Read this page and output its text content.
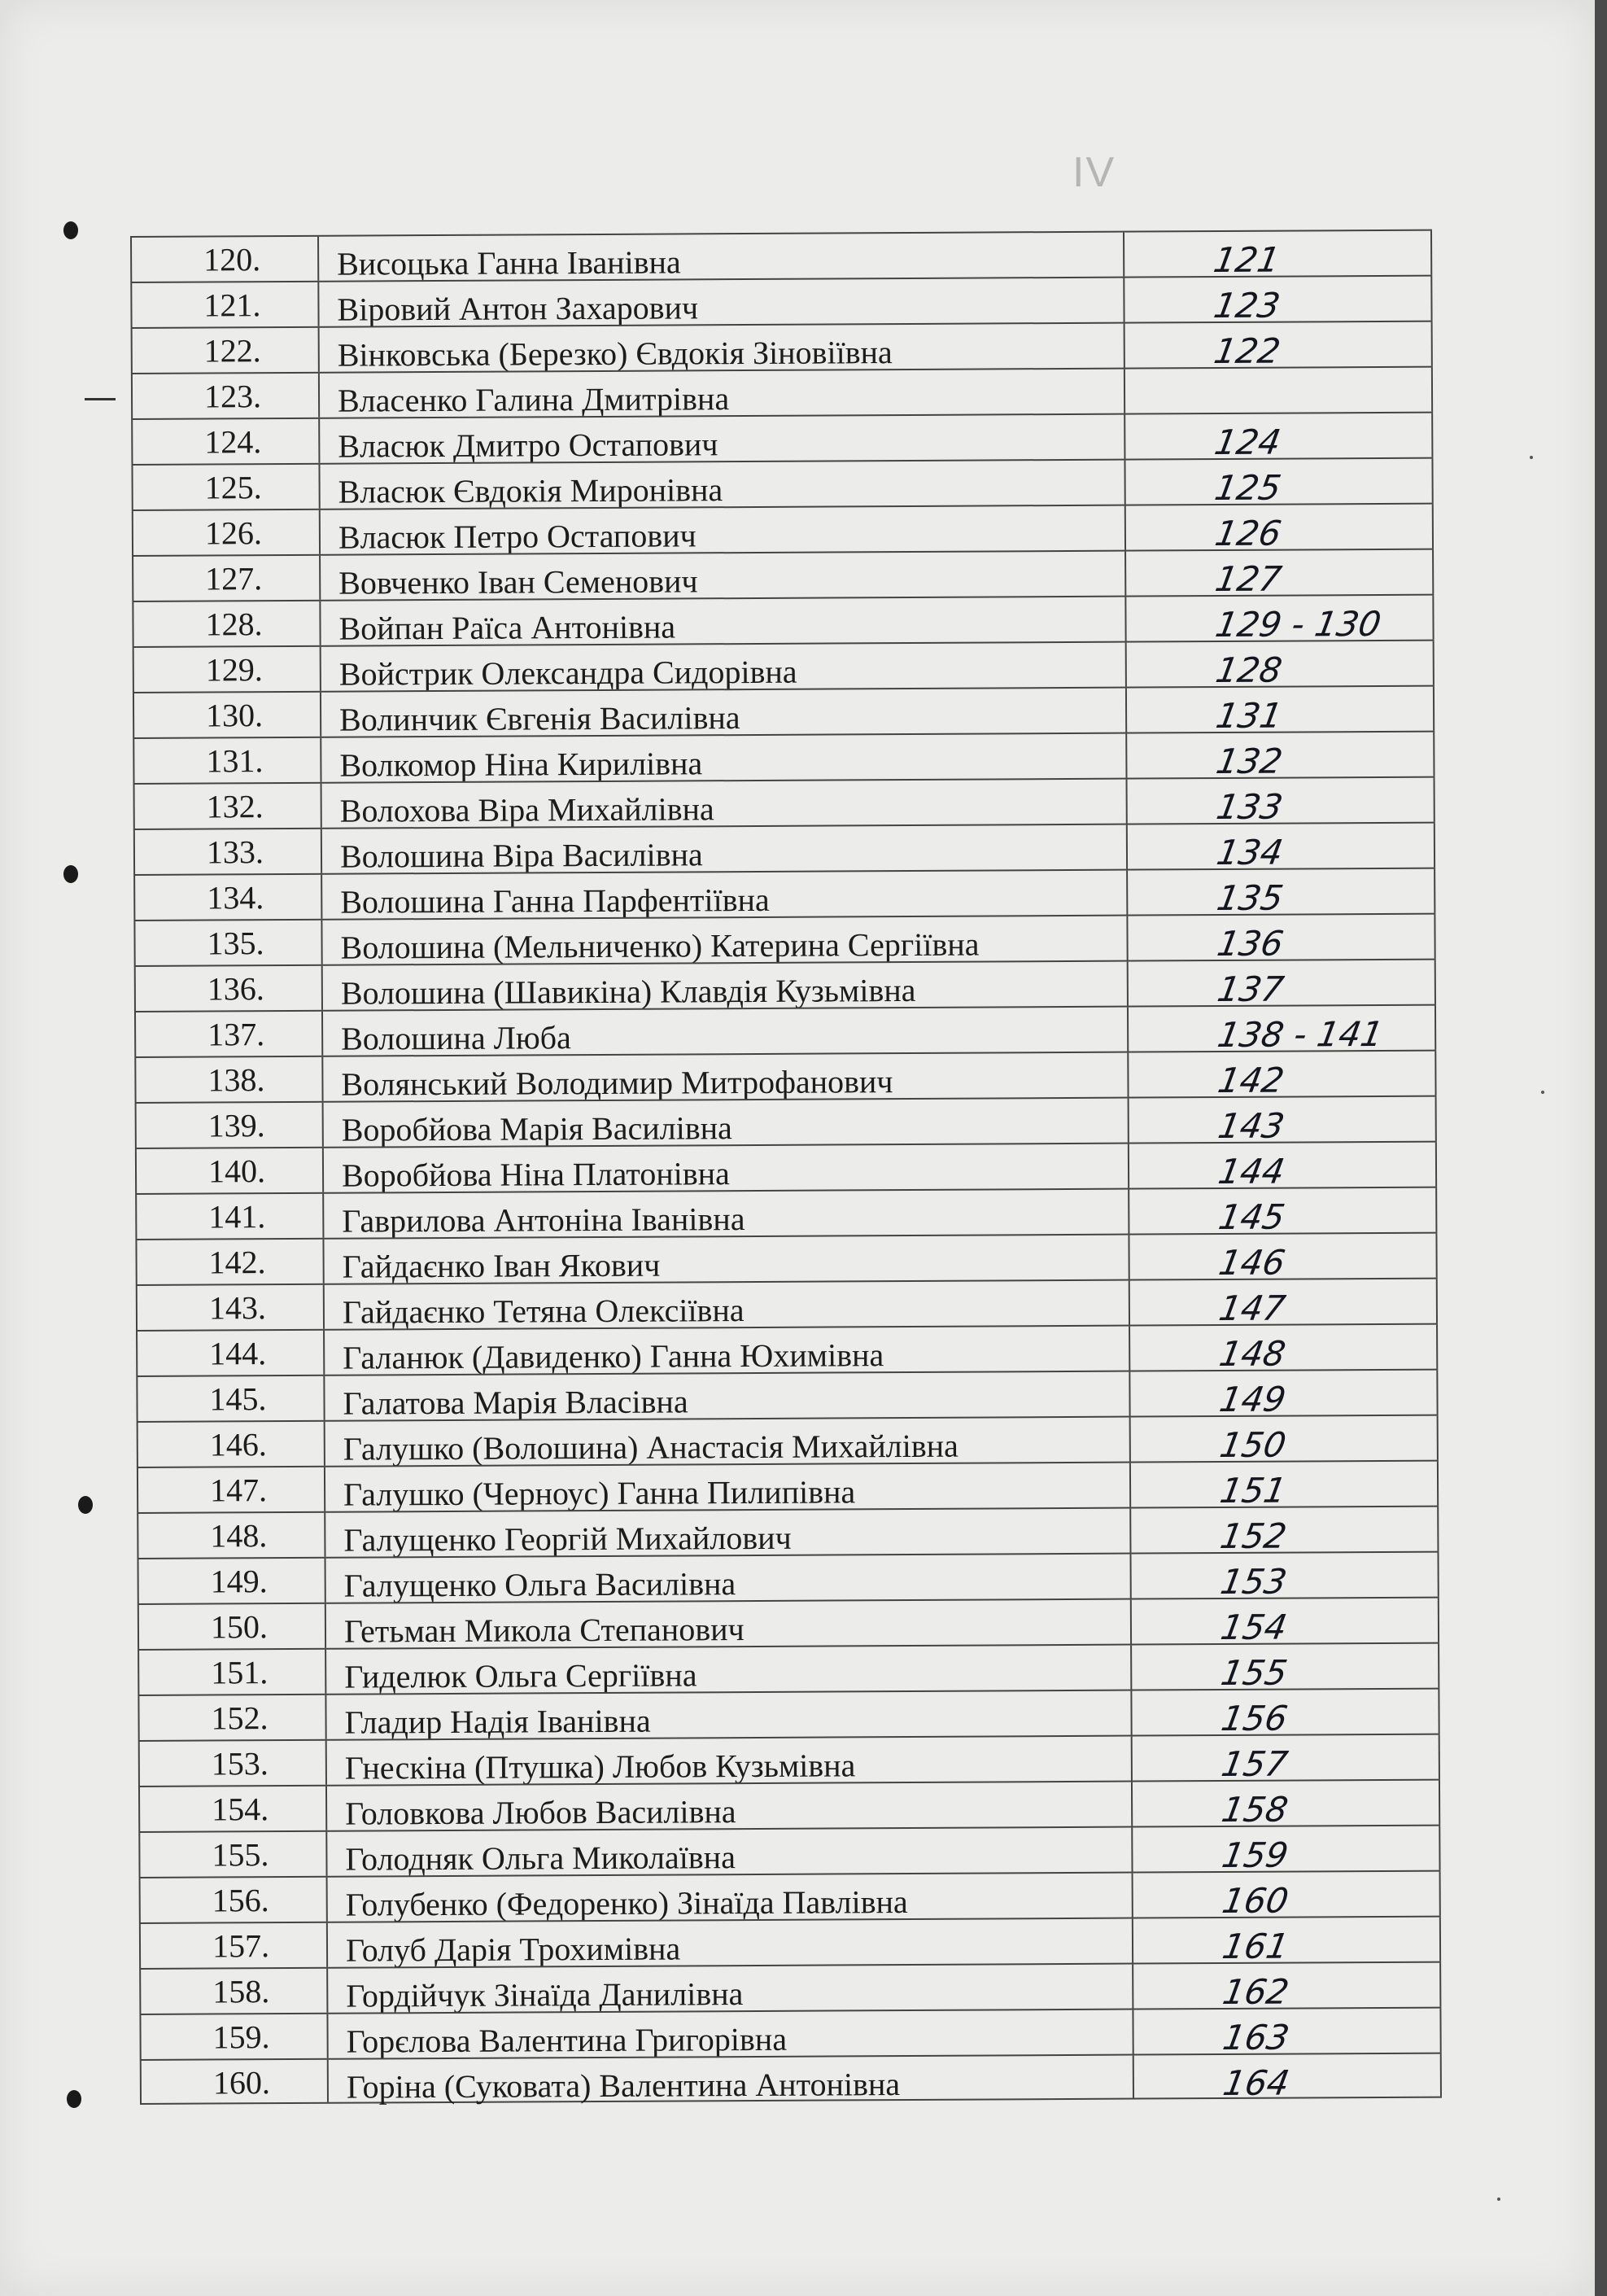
IV
120. Висоцька Ганна Іванівна	121
121. Віровий Антон Захарович	123
122. Вінковська (Березко) Євдокія Зіновіївна	122
123. Власенко Галина Дмитрівна
124. Власюк Дмитро Остапович	124
125. Власюк Євдокія Миронівна	125
126. Власюк Петро Остапович	126
127. Вовченко Іван Семенович	127
128. Войпан Раїса Антонівна	129 - 130
129. Войстрик Олександра Сидорівна	128
130. Волинчик Євгенія Василівна	131
131. Волкомор Ніна Кирилівна	132
132. Волохова Віра Михайлівна	133
133. Волошина Віра Василівна	134
134. Волошина Ганна Парфентіївна	135
135. Волошина (Мельниченко) Катерина Сергіївна	136
136. Волошина (Шавикіна) Клавдія Кузьмівна	137
137. Волошина Люба	138 - 141
138. Волянський Володимир Митрофанович	142
139. Воробйова Марія Василівна	143
140. Воробйова Ніна Платонівна	144
141. Гаврилова Антоніна Іванівна	145
142. Гайдаєнко Іван Якович	146
143. Гайдаєнко Тетяна Олексіївна	147
144. Галанюк (Давиденко) Ганна Юхимівна	148
145. Галатова Марія Власівна	149
146. Галушко (Волошина) Анастасія Михайлівна	150
147. Галушко (Черноус) Ганна Пилипівна	151
148. Галущенко Георгій Михайлович	152
149. Галущенко Ольга Василівна	153
150. Гетьман Микола Степанович	154
151. Гиделюк Ольга Сергіївна	155
152. Гладир Надія Іванівна	156
153. Гнескіна (Птушка) Любов Кузьмівна	157
154. Головкова Любов Василівна	158
155. Голодняк Ольга Миколаївна	159
156. Голубенко (Федоренко) Зінаїда Павлівна	160
157. Голуб Дарія Трохимівна	161
158. Гордійчук Зінаїда Данилівна	162
159. Горєлова Валентина Григорівна	163
160. Горіна (Суковата) Валентина Антонівна	164
